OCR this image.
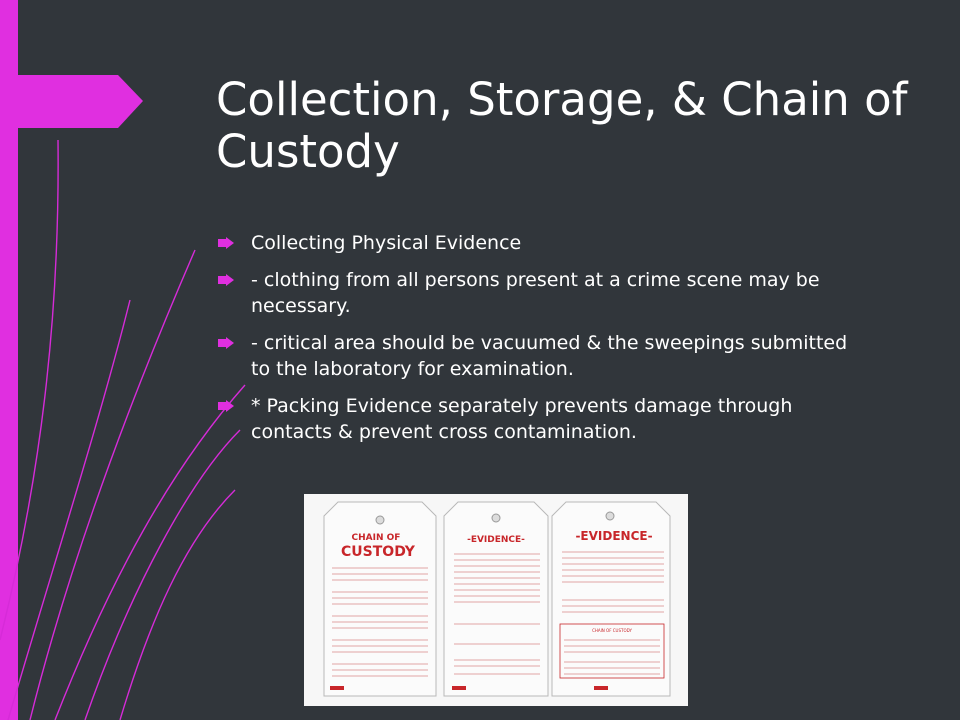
Collection, Storage, & Chain of Custody
Collecting Physical Evidence
- clothing from all persons present at a crime scene may be necessary.
- critical area should be vacuumed & the sweepings submitted to the laboratory for examination.
* Packing Evidence separately prevents damage through contacts & prevent cross contamination.
CHAIN OF
CUSTODY
-EVIDENCE-	-EVIDENCE-
CHAIN OF CUSTODY
